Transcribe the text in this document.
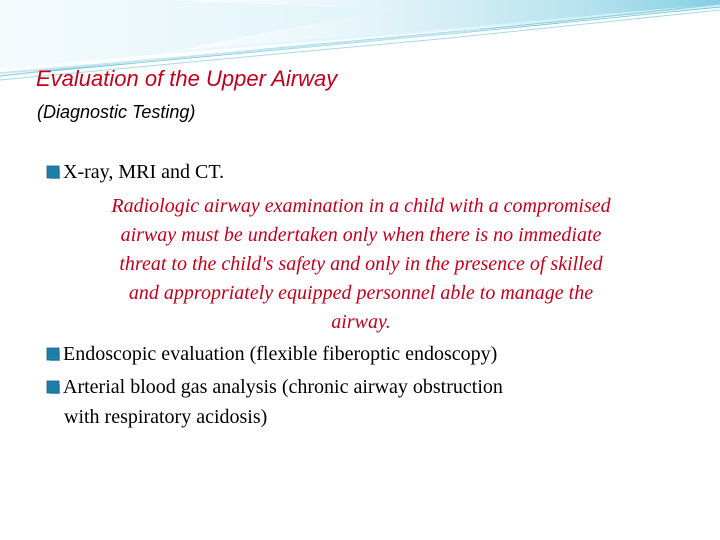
Evaluation of the Upper Airway
(Diagnostic Testing)
X-ray, MRI and CT.
Radiologic airway examination in a child with a compromised
airway must be undertaken only when there is no immediate
threat to the child's safety and only in the presence of skilled
and appropriately equipped personnel able to manage the
airway.
Endoscopic evaluation (flexible fiberoptic endoscopy)
Arterial blood gas analysis (chronic airway obstruction
with respiratory acidosis)
